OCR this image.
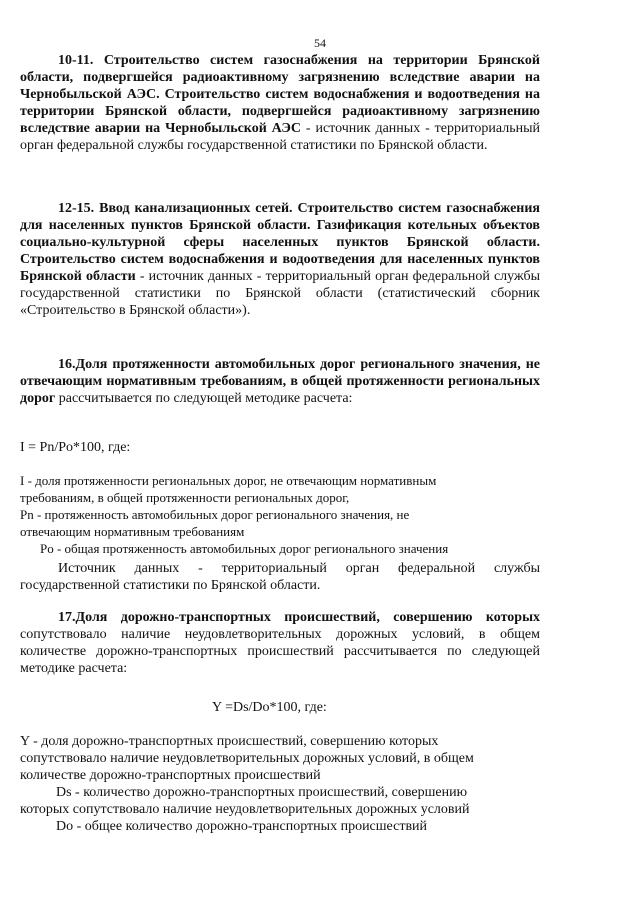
54

10-11. Строительство систем газоснабжения на территории Брянской области, подвергшейся радиоактивному загрязнению вследствие аварии на Чернобыльской АЭС. Строительство систем водоснабжения и водоотведения на территории Брянской области, подвергшейся радиоактивному загрязнению вследствие аварии на Чернобыльской АЭС - источник данных - территориальный орган федеральной службы государственной статистики по Брянской области.

12-15. Ввод канализационных сетей. Строительство систем газоснабжения для населенных пунктов Брянской области. Газификация котельных объектов социально-культурной сферы населенных пунктов Брянской области. Строительство систем водоснабжения и водоотведения для населенных пунктов Брянской области - источник данных - территориальный орган федеральной службы государственной статистики по Брянской области (статистический сборник «Строительство в Брянской области»).

16.Доля протяженности автомобильных дорог регионального значения, не отвечающим нормативным требованиям, в общей протяженности региональных дорог рассчитывается по следующей методике расчета:

I = Pn/Po*100, где:
I - доля протяженности региональных дорог, не отвечающим нормативным
требованиям, в общей протяженности региональных дорог,
Pn - протяженность автомобильных дорог регионального значения, не
отвечающим нормативным требованиям
Po - общая протяженность автомобильных дорог регионального значения

Источник данных - территориальный орган федеральной службы государственной статистики по Брянской области.

17.Доля дорожно-транспортных происшествий, совершению которых сопутствовало наличие неудовлетворительных дорожных условий, в общем количестве дорожно-транспортных происшествий рассчитывается по следующей методике расчета:

Y =Ds/Do*100, где:
Y - доля дорожно-транспортных происшествий, совершению которых
сопутствовало наличие неудовлетворительных дорожных условий, в общем
количестве дорожно-транспортных происшествий
Ds - количество дорожно-транспортных происшествий, совершению
которых сопутствовало наличие неудовлетворительных дорожных условий
Do - общее количество дорожно-транспортных происшествий
